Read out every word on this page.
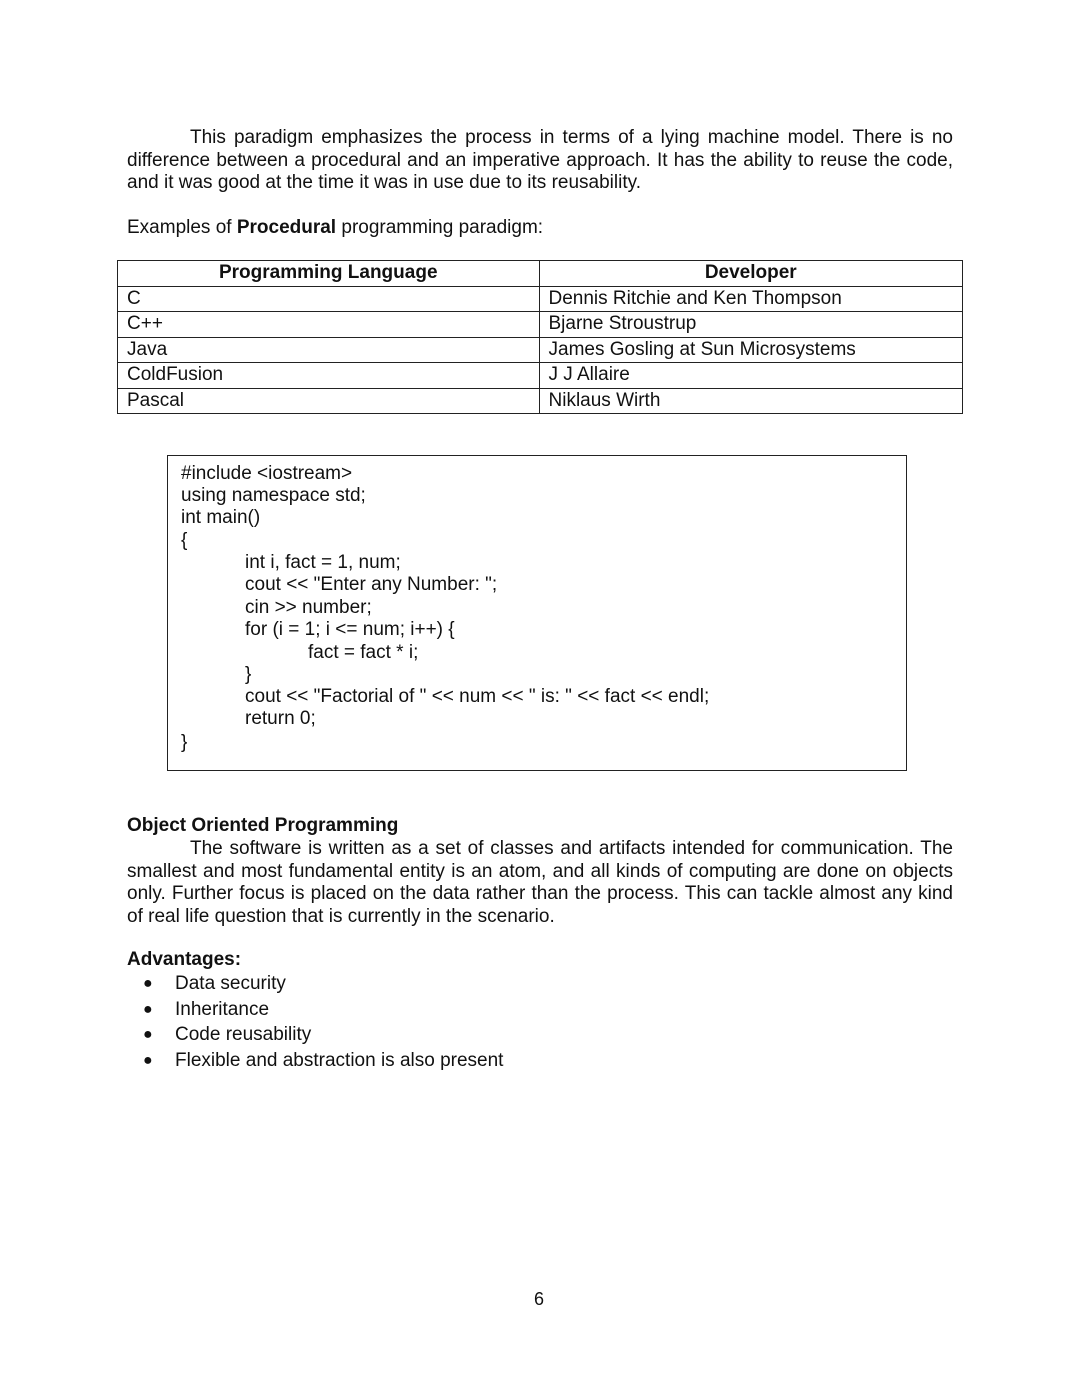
This paradigm emphasizes the process in terms of a lying machine model. There is no difference between a procedural and an imperative approach. It has the ability to reuse the code, and it was good at the time it was in use due to its reusability.

Examples of Procedural programming paradigm:

Programming Language	Developer
C	Dennis Ritchie and Ken Thompson
C++	Bjarne Stroustrup
Java	James Gosling at Sun Microsystems
ColdFusion	J J Allaire
Pascal	Niklaus Wirth
#include <iostream>
using namespace std;
int main()
{
int i, fact = 1, num;
cout << "Enter any Number: ";
cin >> number;
for (i = 1; i <= num; i++) {
fact = fact * i;
}
cout << "Factorial of " << num << " is: " << fact << endl;
return 0;
}
Object Oriented Programming

The software is written as a set of classes and artifacts intended for communication. The smallest and most fundamental entity is an atom, and all kinds of computing are done on objects only. Further focus is placed on the data rather than the process. This can tackle almost any kind of real life question that is currently in the scenario.

Advantages:
● Data security
● Inheritance
● Code reusability
● Flexible and abstraction is also present

6
